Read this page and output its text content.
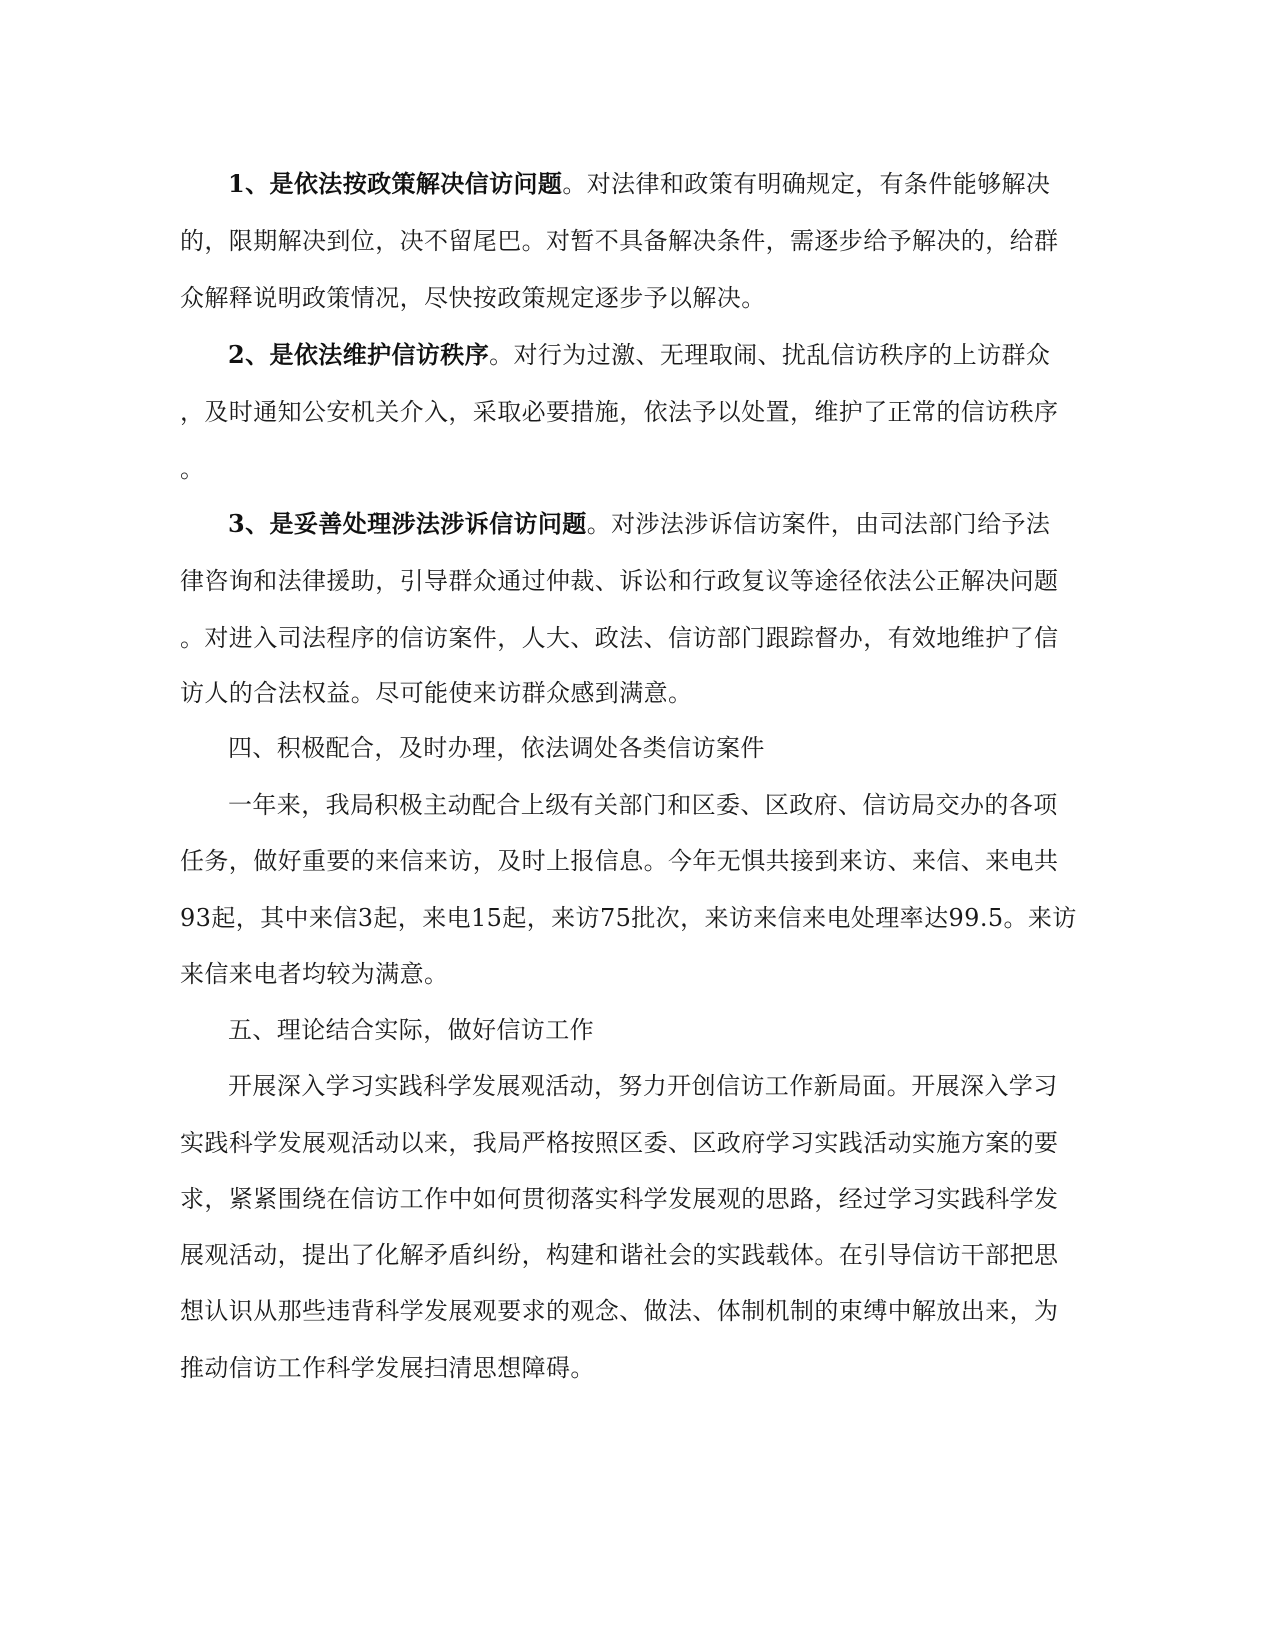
1、是依法按政策解决信访问题。对法律和政策有明确规定，有条件能够解决
的，限期解决到位，决不留尾巴。对暂不具备解决条件，需逐步给予解决的，给群
众解释说明政策情况，尽快按政策规定逐步予以解决。
2、是依法维护信访秩序。对行为过激、无理取闹、扰乱信访秩序的上访群众
，及时通知公安机关介入，采取必要措施，依法予以处置，维护了正常的信访秩序
。
3、是妥善处理涉法涉诉信访问题。对涉法涉诉信访案件，由司法部门给予法
律咨询和法律援助，引导群众通过仲裁、诉讼和行政复议等途径依法公正解决问题
。对进入司法程序的信访案件，人大、政法、信访部门跟踪督办，有效地维护了信
访人的合法权益。尽可能使来访群众感到满意。
四、积极配合，及时办理，依法调处各类信访案件
一年来，我局积极主动配合上级有关部门和区委、区政府、信访局交办的各项
任务，做好重要的来信来访，及时上报信息。今年无惧共接到来访、来信、来电共
93起，其中来信3起，来电15起，来访75批次，来访来信来电处理率达99.5。来访
来信来电者均较为满意。
五、理论结合实际，做好信访工作
开展深入学习实践科学发展观活动，努力开创信访工作新局面。开展深入学习
实践科学发展观活动以来，我局严格按照区委、区政府学习实践活动实施方案的要
求，紧紧围绕在信访工作中如何贯彻落实科学发展观的思路，经过学习实践科学发
展观活动，提出了化解矛盾纠纷，构建和谐社会的实践载体。在引导信访干部把思
想认识从那些违背科学发展观要求的观念、做法、体制机制的束缚中解放出来，为
推动信访工作科学发展扫清思想障碍。
